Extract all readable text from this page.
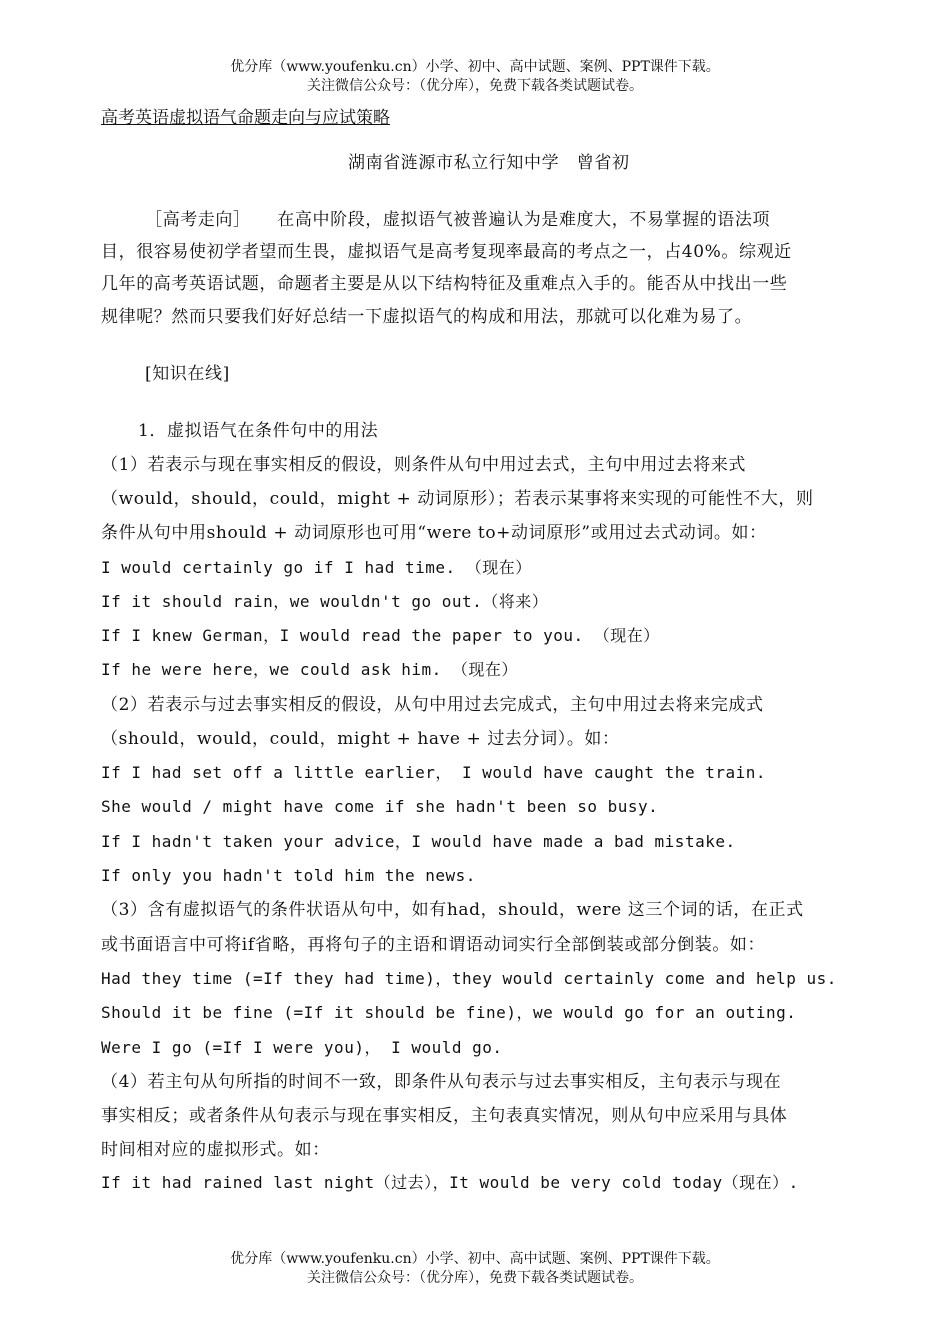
优分库（www.youfenku.cn）小学、初中、高中试题、案例、PPT课件下载。
关注微信公众号：（优分库），免费下载各类试题试卷。
高考英语虚拟语气命题走向与应试策略
湖南省涟源市私立行知中学　曾省初
［高考走向］　　在高中阶段，虚拟语气被普遍认为是难度大，不易掌握的语法项
目，很容易使初学者望而生畏，虚拟语气是高考复现率最高的考点之一，占40%。综观近
几年的高考英语试题，命题者主要是从以下结构特征及重难点入手的。能否从中找出一些
规律呢？然而只要我们好好总结一下虚拟语气的构成和用法，那就可以化难为易了。
[知识在线]
1．虚拟语气在条件句中的用法
（1）若表示与现在事实相反的假设，则条件从句中用过去式，主句中用过去将来式
（would，should，could，might + 动词原形）；若表示某事将来实现的可能性不大，则
条件从句中用should + 动词原形也可用“were to+动词原形”或用过去式动词。如：
I would certainly go if I had time. （现在）
If it should rain，we wouldn't go out.（将来）
If I knew German，I would read the paper to you. （现在）
If he were here，we could ask him. （现在）
（2）若表示与过去事实相反的假设，从句中用过去完成式，主句中用过去将来完成式
（should，would，could，might + have + 过去分词）。如：
If I had set off a little earlier， I would have caught the train.
She would / might have come if she hadn't been so busy.
If I hadn't taken your advice，I would have made a bad mistake.
If only you hadn't told him the news.
（3）含有虚拟语气的条件状语从句中，如有had，should，were 这三个词的话，在正式
或书面语言中可将if省略，再将句子的主语和谓语动词实行全部倒装或部分倒装。如：
Had they time (=If they had time)，they would certainly come and help us.
Should it be fine (=If it should be fine)，we would go for an outing.
Were I go (=If I were you)， I would go.
（4）若主句从句所指的时间不一致，即条件从句表示与过去事实相反，主句表示与现在
事实相反；或者条件从句表示与现在事实相反，主句表真实情况，则从句中应采用与具体
时间相对应的虚拟形式。如：
If it had rained last night（过去），It would be very cold today（现在）.
优分库（www.youfenku.cn）小学、初中、高中试题、案例、PPT课件下载。
关注微信公众号：（优分库），免费下载各类试题试卷。
